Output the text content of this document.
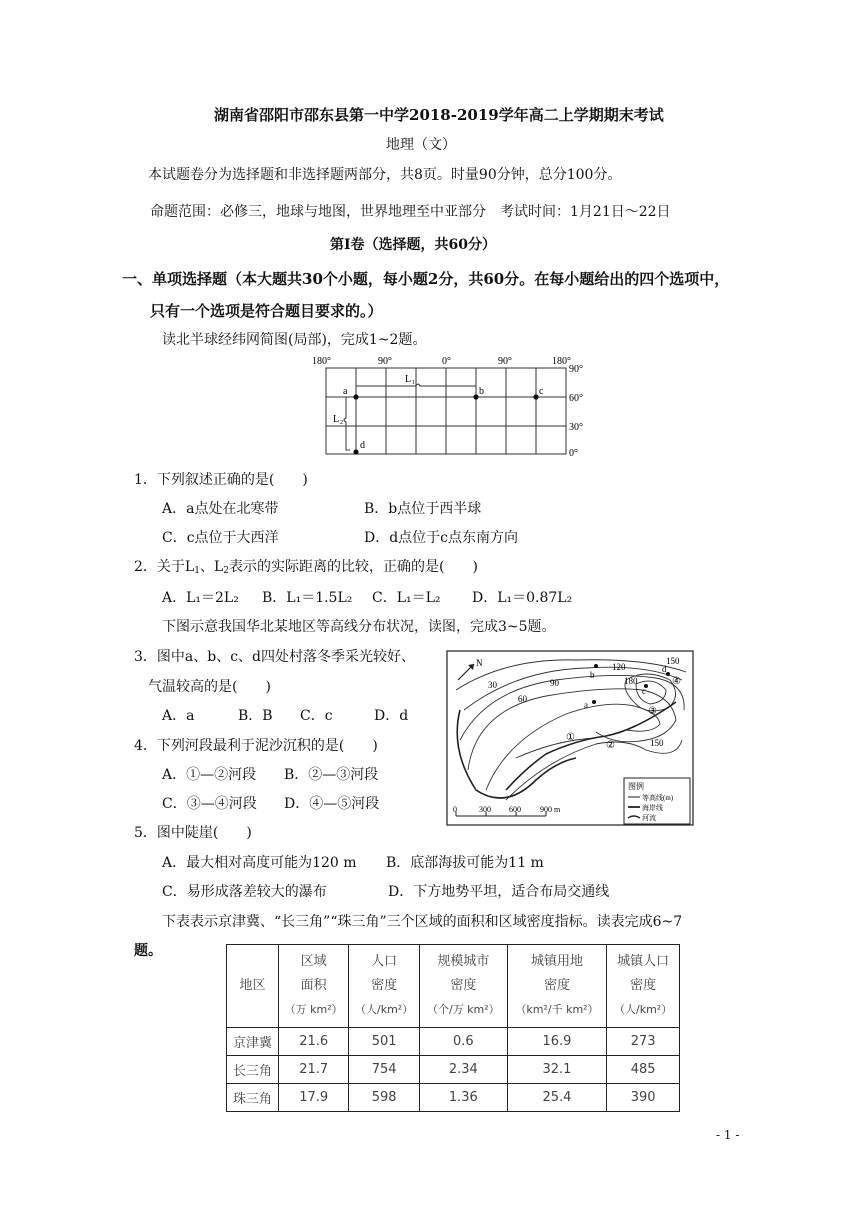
湖南省邵阳市邵东县第一中学2018-2019学年高二上学期期末考试
地理（文）
本试题卷分为选择题和非选择题两部分，共8页。时量90分钟，总分100分。
命题范围：必修三，地球与地图，世界地理至中亚部分　考试时间：1月21日～22日
第Ⅰ卷（选择题，共60分）
一、单项选择题（本大题共30个小题，每小题2分，共60分。在每小题给出的四个选项中，
只有一个选项是符合题目要求的。）
读北半球经纬网简图(局部)，完成1~2题。
180°	90°	0°	90°	180°
90°
60°
30°
0°
L 1
L 2
a	b	c
d
1．下列叙述正确的是(　　)
A．a点处在北寒带	B．b点位于西半球
C．c点位于大西洋	D．d点位于c点东南方向
2．关于$L_1$、$L_2$表示的实际距离的比较，正确的是(　　)
A．L₁＝2L₂ B．L₁＝1.5L₂ C．L₁＝L₂ D．L₁＝0.87L₂
下图示意我国华北某地区等高线分布状况，读图，完成3~5题。
3．图中a、b、c、d四处村落冬季采光较好、
气温较高的是(　　)
A．a	B．B C．c	D．d
4．下列河段最利于泥沙沉积的是(　　)
A．①—②河段 B．②—③河段
C．③—④河段 D．④—⑤河段
5．图中陡崖(　　)
A．最大相对高度可能为120 m B．底部海拔可能为11 m
C．易形成落差较大的瀑布	D．下方地势平坦，适合布局交通线
N
30
60
90
120
150
180
150
a
b
c
d
①
②
③
④
0	300 600 900 m
图例
等高线(m)
海岸线
河流
下表表示京津冀、“长三角”“珠三角”三个区域的面积和区域密度指标。读表完成6~7
题。
地区	区域
面积
（万 km²）	人口
密度
（人/km²）	规模城市
密度
（个/万 km²）	城镇用地
密度
（km²/千 km²）	城镇人口
密度
（人/km²）

京津冀	21.6	501	0.6	16.9	273
长三角	21.7	754	2.34	32.1	485
珠三角	17.9	598	1.36	25.4	390
- 1 -
